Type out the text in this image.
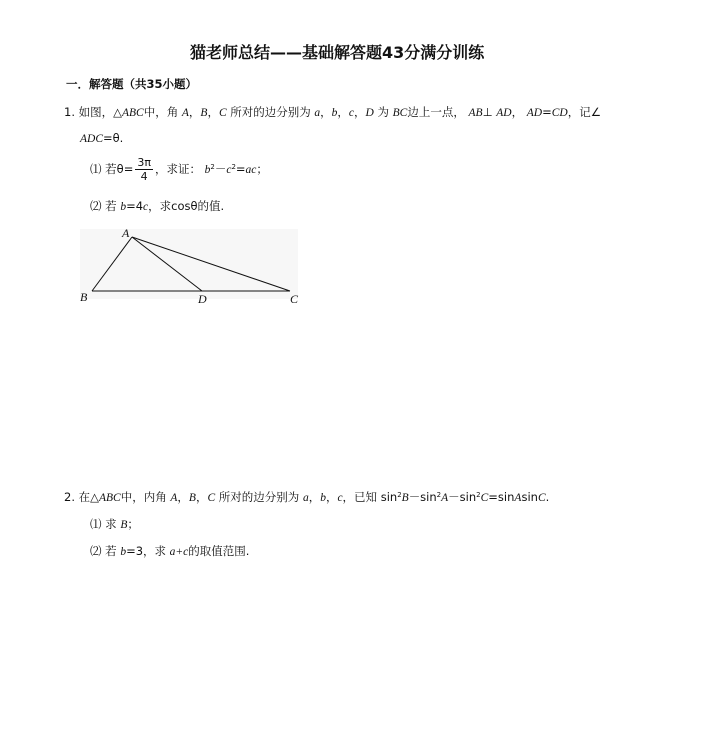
猫老师总结——基础解答题43分满分训练
一．解答题（共35小题）
1. 如图，△ABC中，角 A，B，C 所对的边分别为 a，b，c，D 为 BC边上一点， AB⊥ AD， AD=CD，记∠
ADC=θ.
⑴ 若$\theta= \frac{3\pi}{4}$ ，求证： $b^2-c^2=ac$；
⑵ 若 b=4c，求cosθ的值.
A
B	D	C
2. 在△ABC中，内角 A，B，C 所对的边分别为 a，b，c，已知 $\sin^2B-\sin^2A-\sin^2C=sinAsinC$.
⑴ 求 B；
⑵ 若 b=3，求 a+c的取值范围.
